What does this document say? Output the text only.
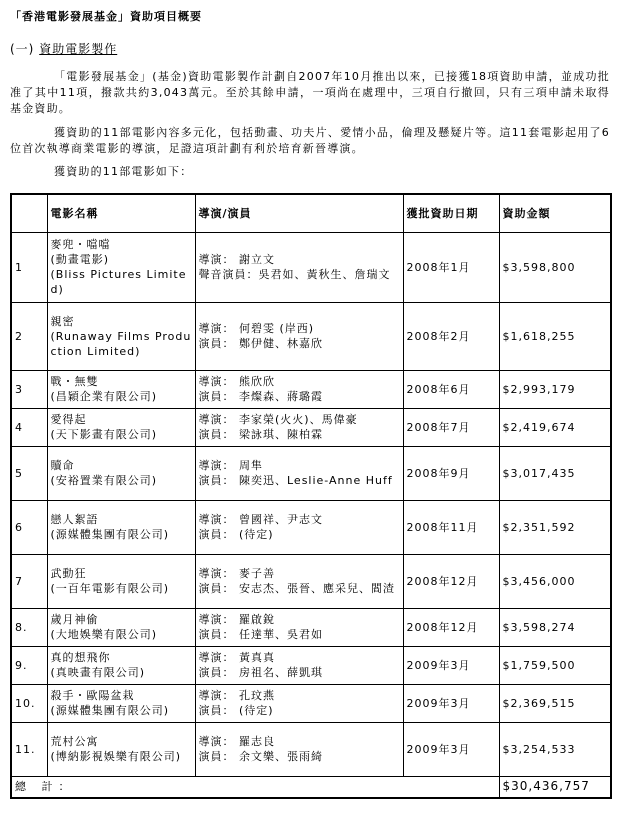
「香港電影發展基金」資助項目概要
(一) 資助電影製作

「電影發展基金」(基金)資助電影製作計劃自2007年10月推出以來，已接獲18項資助申請，並成功批准了其中11項，撥款共約3,043萬元。至於其餘申請，一項尚在處理中，三項自行撤回，只有三項申請未取得基金資助。

獲資助的11部電影內容多元化，包括動畫、功夫片、愛情小品，倫理及懸疑片等。這11套電影起用了6位首次執導商業電影的導演，足證這項計劃有利於培育新晉導演。

獲資助的11部電影如下：

	電影名稱	導演/演員	獲批資助日期	資助金額
1	麥兜・噹噹
(動畫電影)
(Bliss Pictures Limited)	導演： 謝立文
聲音演員：吳君如、黃秋生、詹瑞文	2008年1月	$3,598,800
2	親密
(Runaway Films Production Limited)	導演： 何碧雯 (岸西)
演員： 鄭伊健、林嘉欣	2008年2月	$1,618,255
3	戰・無雙
(昌穎企業有限公司)	導演： 熊欣欣
演員： 李燦森、蔣璐霞	2008年6月	$2,993,179
4	愛得起
(天下影畫有限公司)	導演： 李家榮(火火)、馬偉豪
演員： 梁詠琪、陳柏霖	2008年7月	$2,419,674
5	贖命
(安裕置業有限公司)	導演： 周隼
演員： 陳奕迅、Leslie-Anne Huff	2008年9月	$3,017,435
6	戀人絮語
(源媒體集團有限公司)	導演： 曾國祥、尹志文
演員： (待定)	2008年11月	$2,351,592
7	武動狂
(一百年電影有限公司)	導演： 麥子善
演員： 安志杰、張晉、應采兒、閻渣	2008年12月	$3,456,000
8.	歲月神偷
(大地娛樂有限公司)	導演： 羅啟銳
演員： 任達華、吳君如	2008年12月	$3,598,274
9.	真的想飛你
(真映畫有限公司)	導演： 黃真真
演員： 房祖名、薛凱琪	2009年3月	$1,759,500
10.	殺手・歐陽盆栽
(源媒體集團有限公司)	導演： 孔玟燕
演員： (待定)	2009年3月	$2,369,515
11.	荒村公寓
(博納影視娛樂有限公司)	導演： 羅志良
演員： 余文樂、張雨綺	2009年3月	$3,254,533
總 計：				$30,436,757
